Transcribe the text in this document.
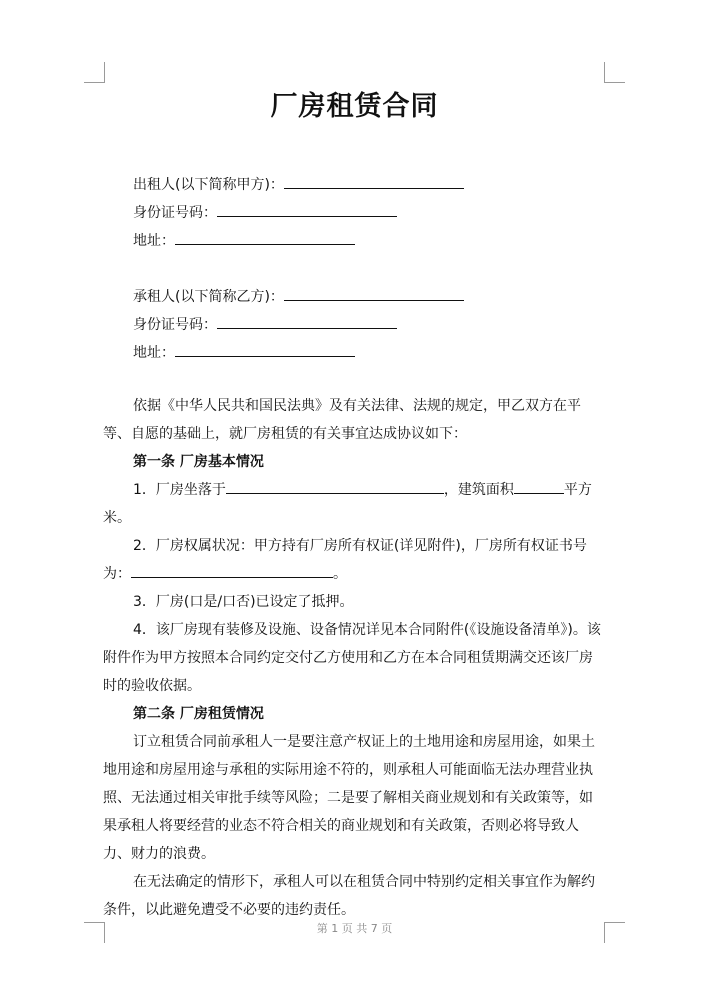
厂房租赁合同
出租人(以下简称甲方)：
身份证号码：
地址：
承租人(以下简称乙方)：
身份证号码：
地址：

依据《中华人民共和国民法典》及有关法律、法规的规定，甲乙双方在平等、自愿的基础上，就厂房租赁的有关事宜达成协议如下：

第一条 厂房基本情况

1．厂房坐落于	，建筑面积	平方米。

2．厂房权属状况：甲方持有厂房所有权证(详见附件)，厂房所有权证书号为：	。

3．厂房(口是/口否)已设定了抵押。

4．该厂房现有装修及设施、设备情况详见本合同附件(《设施设备清单》)。该附件作为甲方按照本合同约定交付乙方使用和乙方在本合同租赁期满交还该厂房时的验收依据。

第二条 厂房租赁情况

订立租赁合同前承租人一是要注意产权证上的土地用途和房屋用途，如果土地用途和房屋用途与承租的实际用途不符的，则承租人可能面临无法办理营业执照、无法通过相关审批手续等风险；二是要了解相关商业规划和有关政策等，如果承租人将要经营的业态不符合相关的商业规划和有关政策，否则必将导致人力、财力的浪费。

在无法确定的情形下，承租人可以在租赁合同中特别约定相关事宜作为解约条件，以此避免遭受不必要的违约责任。

第 1 页 共 7 页
